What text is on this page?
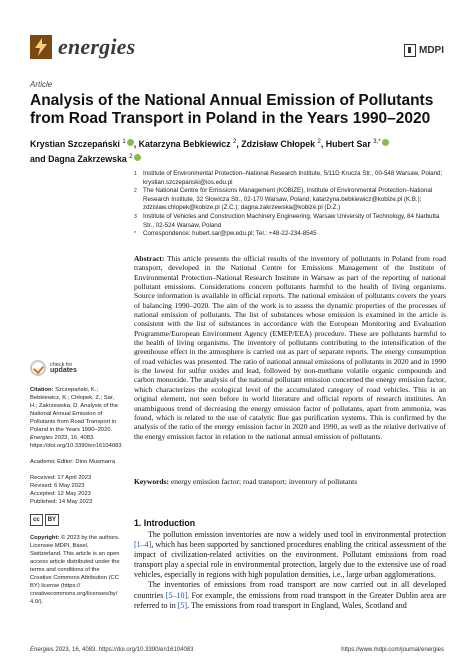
energies	MDPI
Article
Analysis of the National Annual Emission of Pollutants from Road Transport in Poland in the Years 1990–2020
Krystian Szczepański $^1$ , Katarzyna Bebkiewicz $^2$, Zdzisław Chłopek $^2$, Hubert Sar $^{3,*}$
and Dagna Zakrzewska $^2$
1	Institute of Environmental Protection–National Research Institute, 5/11D Krucza Str., 00-548 Warsaw, Poland; krystian.szczepanski@ios.edu.pl
2	The National Centre for Emissions Management (KOBiZE), Institute of Environmental Protection–National Research Institute, 32 Słowicza Str., 02-170 Warsaw, Poland; katarzyna.bebkiewicz@kobize.pl (K.B.); zdzislaw.chlopek@kobize.pl (Z.C.); dagna.zakrzewska@kobize.pl (D.Z.)
3	Institute of Vehicles and Construction Machinery Engineering, Warsaw University of Technology, 84 Narbutta Str., 02-524 Warsaw, Poland
*	Correspondence: hubert.sar@pw.edu.pl; Tel.: +48-22-234-8545
Abstract: This article presents the official results of the inventory of pollutants in Poland from road transport, developed in the National Centre for Emissions Management of the Institute of Environmental Protection–National Research Institute in Warsaw as part of the reporting of national pollutant emissions. Considerations concern pollutants harmful to the health of living organisms. Source information is available in official reports. The national emission of pollutants covers the years of balancing 1990–2020. The aim of the work is to assess the dynamic properties of the processes of national emission of pollutants. The list of substances whose emission is examined in the article is consistent with the list of substances in accordance with the European Monitoring and Evaluation Programme/European Environment Agency (EMEP/EEA) procedure. These are pollutants harmful to the health of living organisms. The inventory of pollutants contributing to the intensification of the greenhouse effect in the atmosphere is carried out as part of separate reports. The energy consumption of road vehicles was presented. The ratio of national annual emissions of pollutants in 2020 and in 1990 is the lowest for sulfur oxides and lead, followed by non-methane volatile organic compounds and carbon monoxide. The analysis of the national pollutant emission concerned the energy emission factor, which characterizes the ecological level of the accumulated category of road vehicles. This is an original element, not seen before in world literature and official reports of research institutes. An unambiguous trend of decreasing the energy emission factor of pollutants, apart from ammonia, was found, which is related to the use of catalytic flue gas purification systems. This is confirmed by the analysis of the ratio of the energy emission factor in 2020 and 1990, as well as the relative derivative of the energy emission factor in relation to the national annual emission of pollutants.
Keywords: energy emission factor; road transport; inventory of pollutants
check for
updates
Citation: Szczepański, K.; Bebkiewicz, K.; Chłopek, Z.; Sar, H.; Zakrzewska, D. Analysis of the National Annual Emission of Pollutants from Road Transport in Poland in the Years 1990–2020. Energies 2023, 16, 4083. https://doi.org/10.3390/en16104083
Academic Editor: Dino Musmarra
Received: 17 April 2023
Revised: 6 May 2023
Accepted: 12 May 2023
Published: 14 May 2023
cc BY
Copyright: © 2023 by the authors. Licensee MDPI, Basel, Switzerland. This article is an open access article distributed under the terms and conditions of the Creative Commons Attribution (CC BY) license (https:// creativecommons.org/licenses/by/ 4.0/).
1. Introduction

The pollution emission inventories are now a widely used tool in environmental protection [1–4], which has been supported by sanctioned procedures enabling the critical assessment of the impact of civilization-related activities on the environment. Pollutant emissions from road transport play a special role in environmental protection, largely due to the extensive use of road vehicles, especially in regions with high population densities, i.e., large urban agglomerations.

The inventories of emissions from road transport are now carried out in all developed countries [5–10]. For example, the emissions from road transport in the Greater Dublin area are referred to in [5]. The emissions from road transport in England, Wales, Scotland and

Energies 2023, 16, 4083. https://doi.org/10.3390/en16104083	https://www.mdpi.com/journal/energies
